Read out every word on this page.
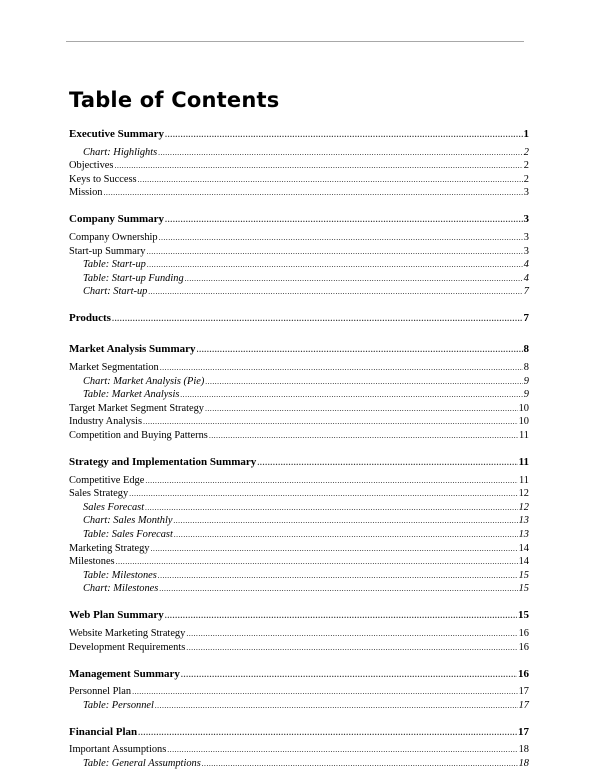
Table of Contents
Executive Summary .....	1
Chart: Highlights .....	2
Objectives .....	2
Keys to Success .....	2
Mission .....	3
Company Summary .....	3
Company Ownership .....	3
Start-up Summary .....	3
Table: Start-up .....	4
Table: Start-up Funding .....	4
Chart: Start-up .....	7
Products .....	7
Market Analysis Summary .....	8
Market Segmentation .....	8
Chart: Market Analysis (Pie) .....	9
Table: Market Analysis .....	9
Target Market Segment Strategy .....	10
Industry Analysis .....	10
Competition and Buying Patterns .....	11
Strategy and Implementation Summary .....	11
Competitive Edge .....	11
Sales Strategy .....	12
Sales Forecast .....	12
Chart: Sales Monthly .....	13
Table: Sales Forecast .....	13
Marketing Strategy .....	14
Milestones .....	14
Table: Milestones .....	15
Chart: Milestones .....	15
Web Plan Summary .....	15
Website Marketing Strategy .....	16
Development Requirements .....	16
Management Summary .....	16
Personnel Plan .....	17
Table: Personnel .....	17
Financial Plan .....	17
Important Assumptions .....	18
Table: General Assumptions .....	18
